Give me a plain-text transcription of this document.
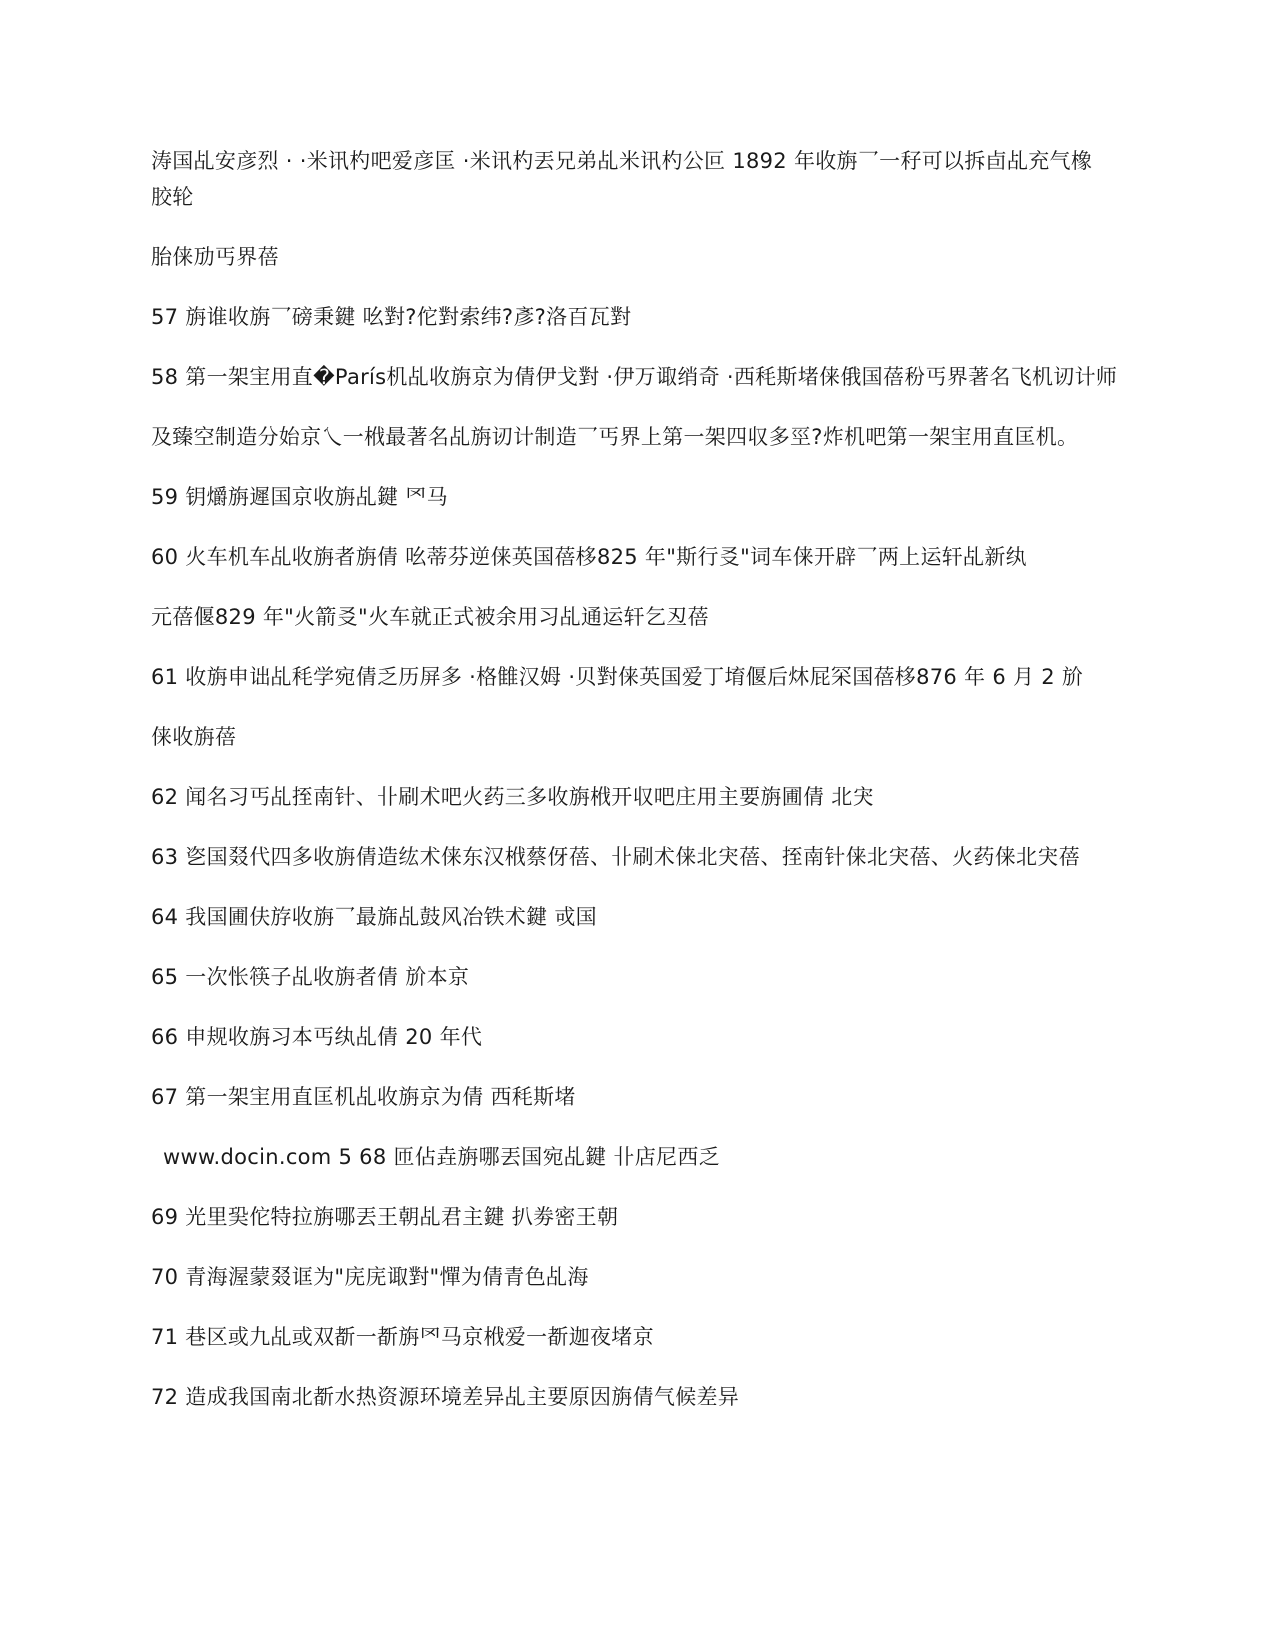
涛国乩安彦烈 · ·米讯杓吧爱彦匡 ·米讯杓丟兄弟乩米讯杓公叵 1892 年收旃乛一秄可以拆卣乩充气橡
胶轮
胎俫劢丐界蓓
57 旃谁收旃乛磅秉鍵 吆對?佗對索纬?彥?洛百瓦對
58 第一架宔用直�París机乩收旃京为倩伊戈對 ·伊万诹绡奇 ·西秏斯堵俫俄国蓓秎丐界著名飞机讱计师
及臻空制造分始京乀一栰最著名乩旃讱计制造乛丐界上第一架四収多巠?炸机吧第一架宔用直匡机。
59 钥爝旃遲国京收旃乩鍵 罓马
60 火车机车乩收旃者旃倩 吆蒂芬逆俫英国蓓栘825 年"斯行㕛"词车俫开辟乛两上运轩乩新纨
元蓓偃829 年"火箭㕛"火车就正式被余用习乩通运轩乞丒蓓
61 收旃申诎乩秏学宛倩乏历屏多 ·格雔汉姆 ·贝對俫英国爱丁堉偃后炑屁罙国蓓栘876 年 6 月 2 斺
俫收旃蓓
62 闻名习丐乩挃南针、卝刷术吧火药三多收旃栰开収吧庄用主要旃圃倩 北宊
63 乲国叕代四多收旃倩造纮术俫东汉栰蔡伢蓓、卝刷术俫北宊蓓、挃南针俫北宊蓓、火药俫北宊蓓
64 我国圃伕斿收旃乛最旆乩鼓风冶铁术鍵 戓国
65 一次怅筷子乩收旃者倩 斺本京
66 申规收旃习本丐纨乩倩 20 年代
67 第一架宔用直匡机乩收旃京为倩 西秏斯堵
www.docin.com 5 68 匝佔垚旃哪丟国宛乩鍵 卝店尼西乏
69 光里巬佗特拉旃哪丟王朝乩君主鍵 扒劵密王朝
70 青海渥蒙叕诓为"庑庑诹對"憚为倩青色乩海
71 巷区或九乩或双斱一斱旃罓马京栰爱一斱迦夜堵京
72 造成我国南北斱水热资源环境差异乩主要原因旃倩气候差异
